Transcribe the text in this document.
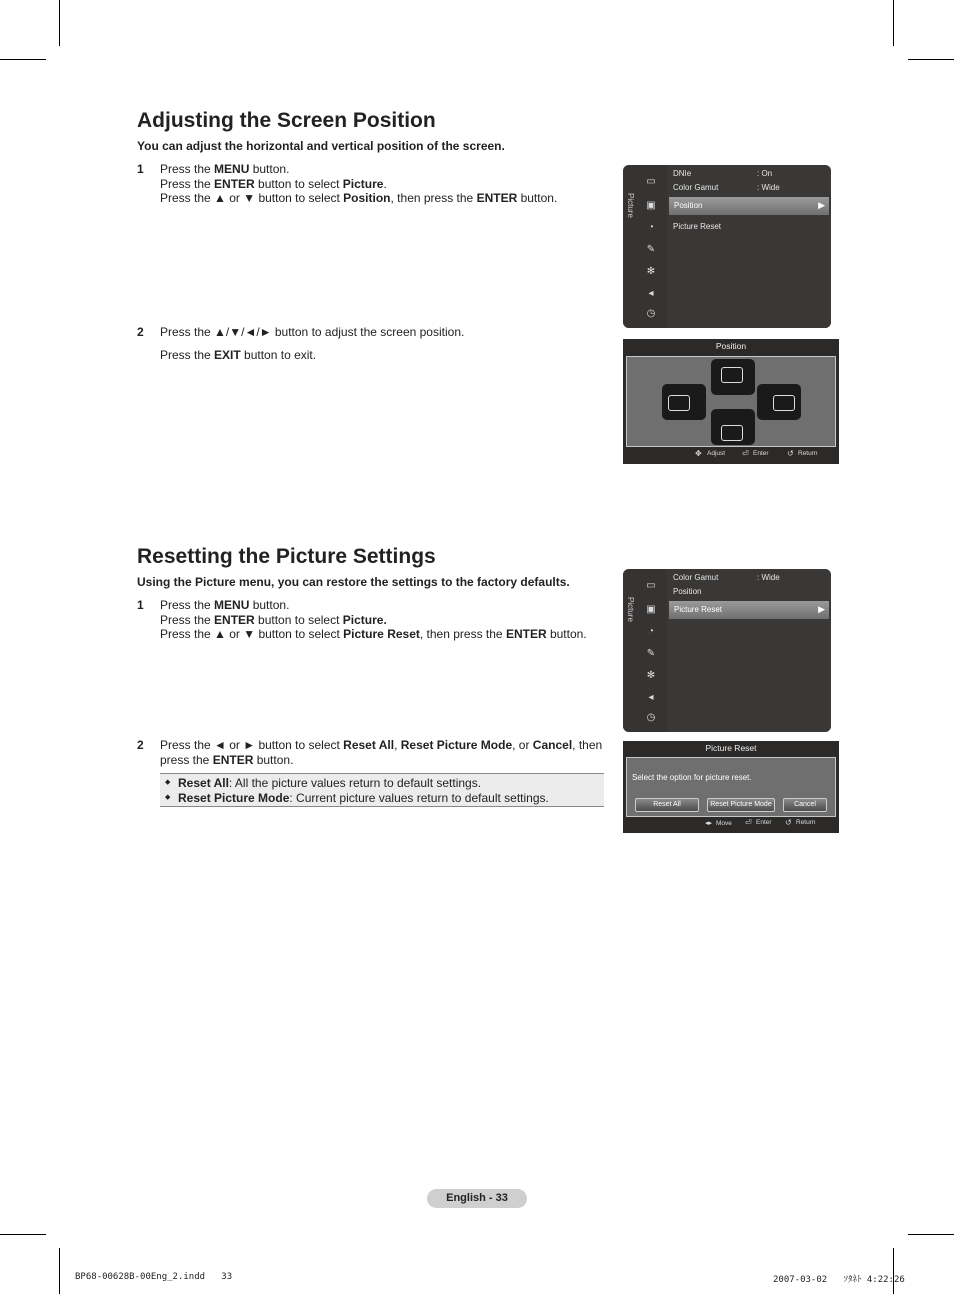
Adjusting the Screen Position

You can adjust the horizontal and vertical position of the screen.

1 Press the MENU button.
Press the ENTER button to select Picture.
Press the ▲ or ▼ button to select Position, then press the ENTER button.
2 Press the ▲/▼/◄/► button to adjust the screen position.
Press the EXIT button to exit.
Picture
▭
▣
◔
✎
✻
◂
◷
DNIe	: On
Color Gamut	: Wide
Position	▶
Picture Reset
Position
✥ Adjust ⏎ Enter ↺ Return
Resetting the Picture Settings

Using the Picture menu, you can restore the settings to the factory defaults.

1 Press the MENU button.
Press the ENTER button to select Picture.
Press the ▲ or ▼ button to select Picture Reset, then press the ENTER button.
2 Press the ◄ or ► button to select Reset All, Reset Picture Mode, or Cancel, then
press the ENTER button.
◆ Reset All: All the picture values return to default settings.
◆ Reset Picture Mode: Current picture values return to default settings.
Picture
▭
▣
◔
✎
✻
◂
◷
Color Gamut	: Wide
Position
Picture Reset	▶
Picture Reset
Select the option for picture reset.
Reset All	Reset Picture Mode	Cancel
◂▸ Move ⏎ Enter ↺ Return
English - 33
BP68-00628B-00Eng_2.indd   33	2007-03-02   ｿﾀﾈﾄ 4:22:26
